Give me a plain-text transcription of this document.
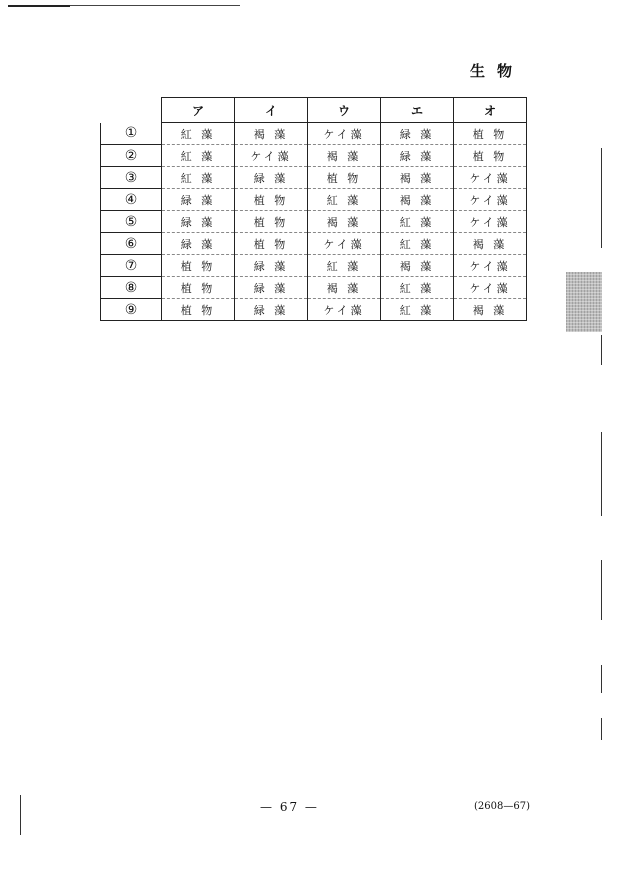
生物
	ア	イ	ウ	エ	オ
①	紅 藻	褐 藻	ケイ藻	緑 藻	植 物
②	紅 藻	ケイ藻	褐 藻	緑 藻	植 物
③	紅 藻	緑 藻	植 物	褐 藻	ケイ藻
④	緑 藻	植 物	紅 藻	褐 藻	ケイ藻
⑤	緑 藻	植 物	褐 藻	紅 藻	ケイ藻
⑥	緑 藻	植 物	ケイ藻	紅 藻	褐 藻
⑦	植 物	緑 藻	紅 藻	褐 藻	ケイ藻
⑧	植 物	緑 藻	褐 藻	紅 藻	ケイ藻
⑨	植 物	緑 藻	ケイ藻	紅 藻	褐 藻
— 67 —	(2608—67)
